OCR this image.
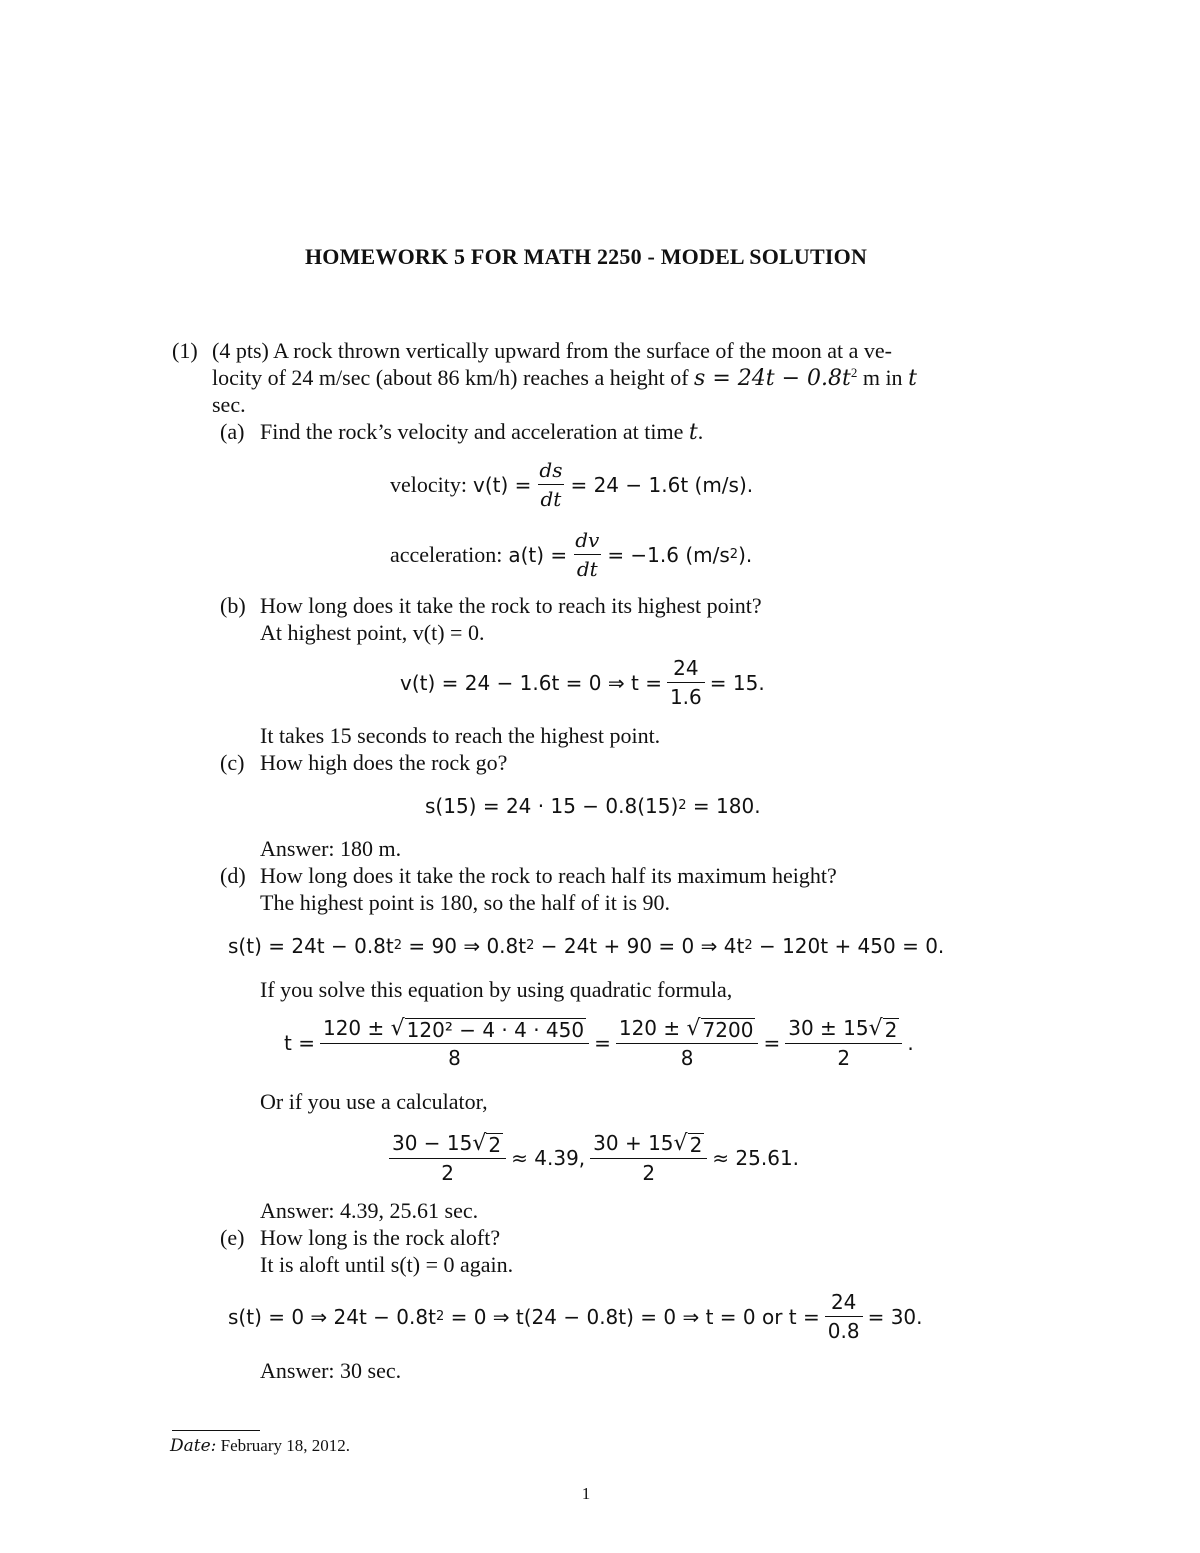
HOMEWORK 5 FOR MATH 2250 - MODEL SOLUTION
(1) (4 pts) A rock thrown vertically upward from the surface of the moon at a ve-
locity of 24 m/sec (about 86 km/h) reaches a height of $s = 24t - 0.8t^2$ m in t
sec.
(a) Find the rock’s velocity and acceleration at time t.
velocity: $v(t) = \frac{ds}{dt} = 24 - 1.6t$ (m/s).
acceleration: $a(t) = \frac{dv}{dt} = -1.6$ (m/s 2 ).
(b) How long does it take the rock to reach its highest point?
At highest point, v(t) = 0.
v(t) = 24 − 1.6t = 0 ⇒ $t = \frac{24}{1.6} = 15$.
It takes 15 seconds to reach the highest point.
(c) How high does the rock go?
s(15) = 24 · 15 − 0.8(15) 2
= 180.
Answer: 180 m.
(d) How long does it take the rock to reach half its maximum height?
The highest point is 180, so the half of it is 90.
s(t) = 24t − 0.8t 2
= 90 ⇒ 0.8t 2
− 24t + 90 = 0 ⇒ 4t 2
− 120t + 450 = 0.
If you solve this equation by using quadratic formula,
$t = \frac{\text{120 ± √ 120² − 4 · 4 · 450}}{8} = \frac{120 \pm √ 7200}{8} = \frac{30 \pm 15 √ 2}{2}$ .
Or if you use a calculator,
$\frac{30 - 15 √ 2}{2} \approx 4.39$, $\frac{30 + 15 √ 2}{2} \approx 25.61$.
Answer: 4.39, 25.61 sec.
(e) How long is the rock aloft?
It is aloft until s(t) = 0 again.
s(t) = 0 ⇒ 24t − 0.8t 2
= 0 ⇒ t(24 − 0.8t) = 0 ⇒ t = 0 or $t = \frac{24}{0.8} = 30$.
Answer: 30 sec.
Date: February 18, 2012.
1
